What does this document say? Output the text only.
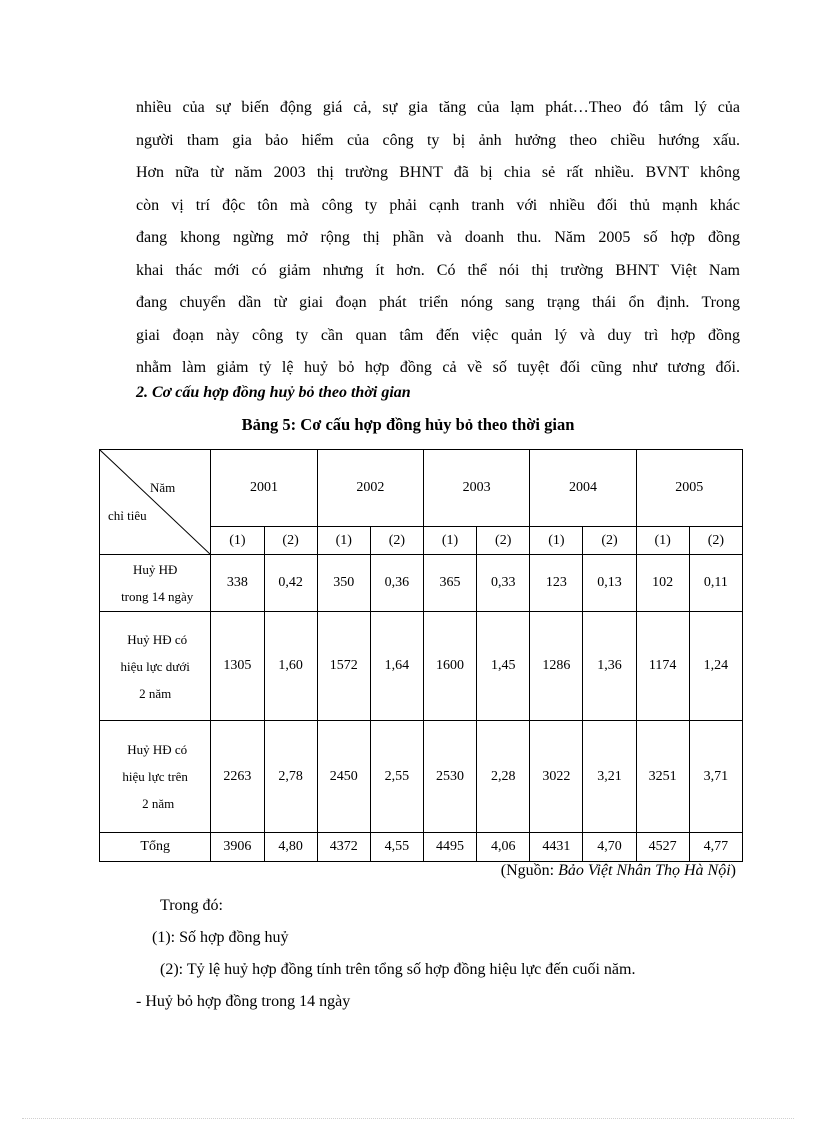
nhiều của sự biến động giá cả, sự gia tăng của lạm phát…Theo đó tâm lý của
người tham gia bảo hiểm của công ty bị ảnh hưởng theo chiều hướng xấu.
Hơn nữa từ năm 2003 thị trường BHNT đã bị chia sẻ rất nhiều. BVNT không
còn vị trí độc tôn mà công ty phải cạnh tranh với nhiều đối thủ mạnh khác
đang khong ngừng mở rộng thị phần và doanh thu. Năm 2005 số hợp đồng
khai thác mới có giảm nhưng ít hơn. Có thể nói thị trường BHNT Việt Nam
đang chuyển dần từ giai đoạn phát triển nóng sang trạng thái ổn định. Trong
giai đoạn này công ty cần quan tâm đến việc quản lý và duy trì hợp đồng
nhằm làm giảm tỷ lệ huỷ bỏ hợp đồng cả về số tuyệt đối cũng như tương đối.
2. Cơ cấu hợp đồng huỷ bỏ theo thời gian
Bảng 5: Cơ cấu hợp đồng hủy bỏ theo thời gian
Năm
chỉ tiêu	2001		2002		2003		2004		2005	
	(1)	(2)	(1)	(2)	(1)	(2)	(1)	(2)	(1)	(2)

Huỷ HĐ
trong 14 ngày	338	0,42	350	0,36	365	0,33	123	0,13	102	0,11

Huỷ HĐ có
hiệu lực dưới
2 năm	1305	1,60	1572	1,64	1600	1,45	1286	1,36	1174	1,24

Huỷ HĐ có
hiệu lực trên
2 năm	2263	2,78	2450	2,55	2530	2,28	3022	3,21	3251	3,71
Tổng	3906	4,80	4372	4,55	4495	4,06	4431	4,70	4527	4,77
(Nguồn: Bảo Việt Nhân Thọ Hà Nội)
Trong đó:
(1): Số hợp đồng huỷ
(2): Tỷ lệ huỷ hợp đồng tính trên tổng số hợp đồng hiệu lực đến cuối năm.
- Huỷ bỏ hợp đồng trong 14 ngày
